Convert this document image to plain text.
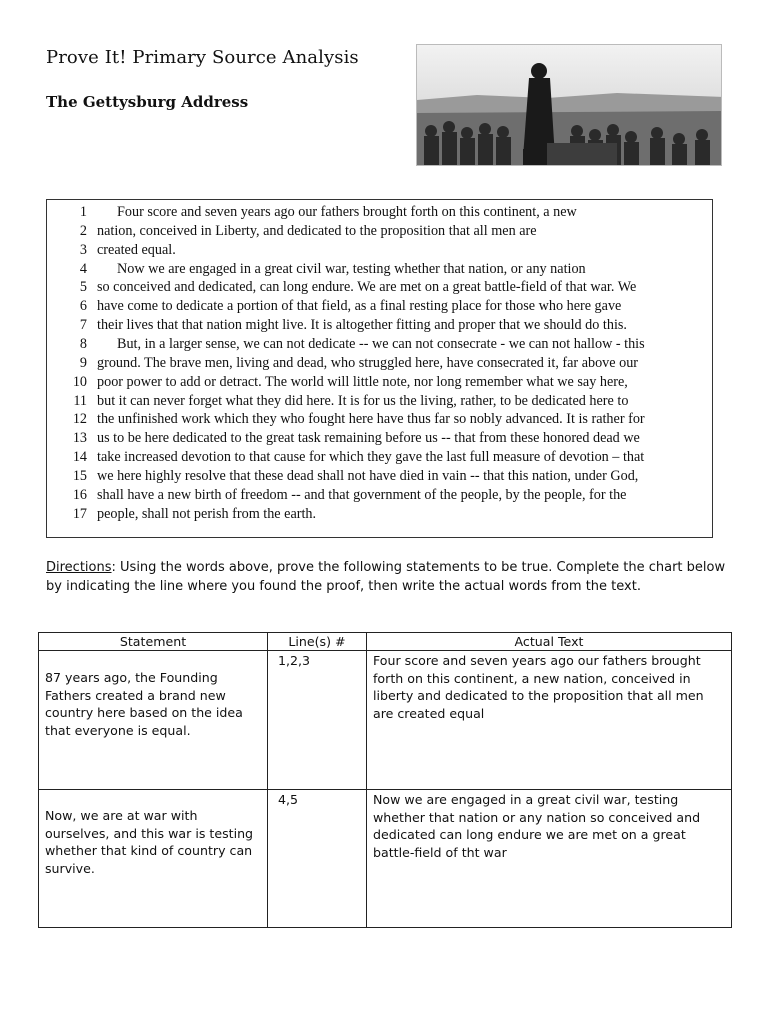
Prove It! Primary Source Analysis
The Gettysburg Address
1 Four score and seven years ago our fathers brought forth on this continent, a new
2 nation, conceived in Liberty, and dedicated to the proposition that all men are
3 created equal.
4 Now we are engaged in a great civil war, testing whether that nation, or any nation
5 so conceived and dedicated, can long endure. We are met on a great battle-field of that war. We
6 have come to dedicate a portion of that field, as a final resting place for those who here gave
7 their lives that that nation might live. It is altogether fitting and proper that we should do this.
8 But, in a larger sense, we can not dedicate -- we can not consecrate - we can not hallow - this
9 ground. The brave men, living and dead, who struggled here, have consecrated it, far above our
10 poor power to add or detract. The world will little note, nor long remember what we say here,
11 but it can never forget what they did here. It is for us the living, rather, to be dedicated here to
12 the unfinished work which they who fought here have thus far so nobly advanced. It is rather for
13 us to be here dedicated to the great task remaining before us -- that from these honored dead we
14 take increased devotion to that cause for which they gave the last full measure of devotion – that
15 we here highly resolve that these dead shall not have died in vain -- that this nation, under God,
16 shall have a new birth of freedom -- and that government of the people, by the people, for the
17 people, shall not perish from the earth.
Directions: Using the words above, prove the following statements to be true. Complete the chart below by indicating the line where you found the proof, then write the actual words from the text.
Statement	Line(s) #	Actual Text
87 years ago, the Founding Fathers created a brand new country here based on the idea that everyone is equal.	1,2,3	Four score and seven years ago our fathers brought forth on this continent, a new nation, conceived in liberty and dedicated to the proposition that all men are created equal
Now, we are at war with ourselves, and this war is testing whether that kind of country can survive.	4,5	Now we are engaged in a great civil war, testing whether that nation or any nation so conceived and dedicated can long endure we are met on a great battle-field of tht war
